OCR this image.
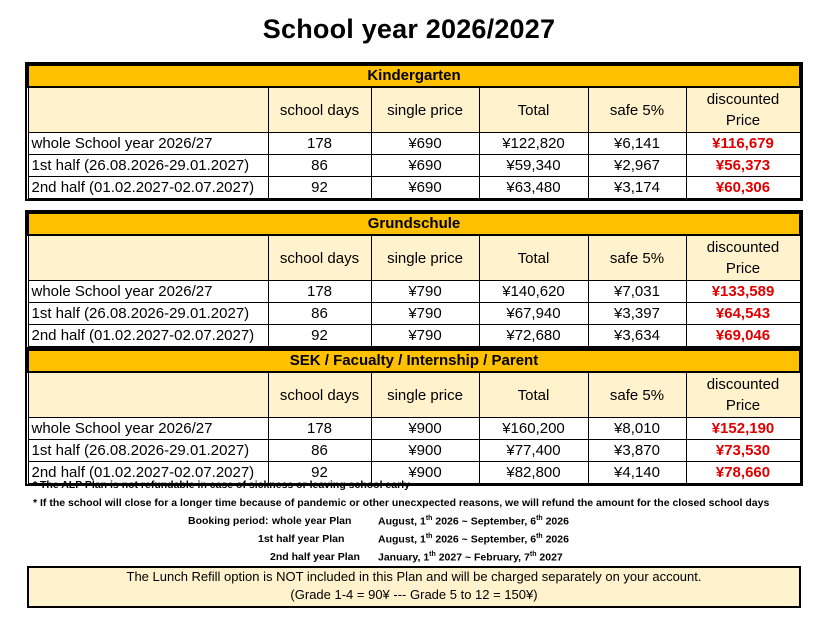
School year 2026/2027
Kindergarten					
	school days	single price	Total	safe 5%	discounted
Price

whole School year 2026/27	178	¥690	¥122,820	¥6,141	¥116,679
1st half (26.08.2026-29.01.2027)	86	¥690	¥59,340	¥2,967	¥56,373
2nd half (01.02.2027-02.07.2027)	92	¥690	¥63,480	¥3,174	¥60,306
Grundschule					
	school days	single price	Total	safe 5%	discounted
Price

whole School year 2026/27	178	¥790	¥140,620	¥7,031	¥133,589
1st half (26.08.2026-29.01.2027)	86	¥790	¥67,940	¥3,397	¥64,543
2nd half (01.02.2027-02.07.2027)	92	¥790	¥72,680	¥3,634	¥69,046
SEK / Facualty / Internship / Parent					
	school days	single price	Total	safe 5%	discounted
Price

whole School year 2026/27	178	¥900	¥160,200	¥8,010	¥152,190
1st half (26.08.2026-29.01.2027)	86	¥900	¥77,400	¥3,870	¥73,530
2nd half (01.02.2027-02.07.2027)	92	¥900	¥82,800	¥4,140	¥78,660
* The ALP Plan is not refundable in case of sickness or leaving school early
* If the school will close for a longer time because of pandemic or other unecxpected reasons, we will refund the amount for the closed school days
Booking period: whole year Plan	August, 1th 2026 ~ September, 6th 2026
1st half year Plan	August, 1th 2026 ~ September, 6th 2026
2nd half year Plan January, 1th 2027 ~ February, 7th 2027
The Lunch Refill option is NOT included in this Plan and will be charged separately on your account.
(Grade 1-4 = 90¥ --- Grade 5 to 12 = 150¥)
